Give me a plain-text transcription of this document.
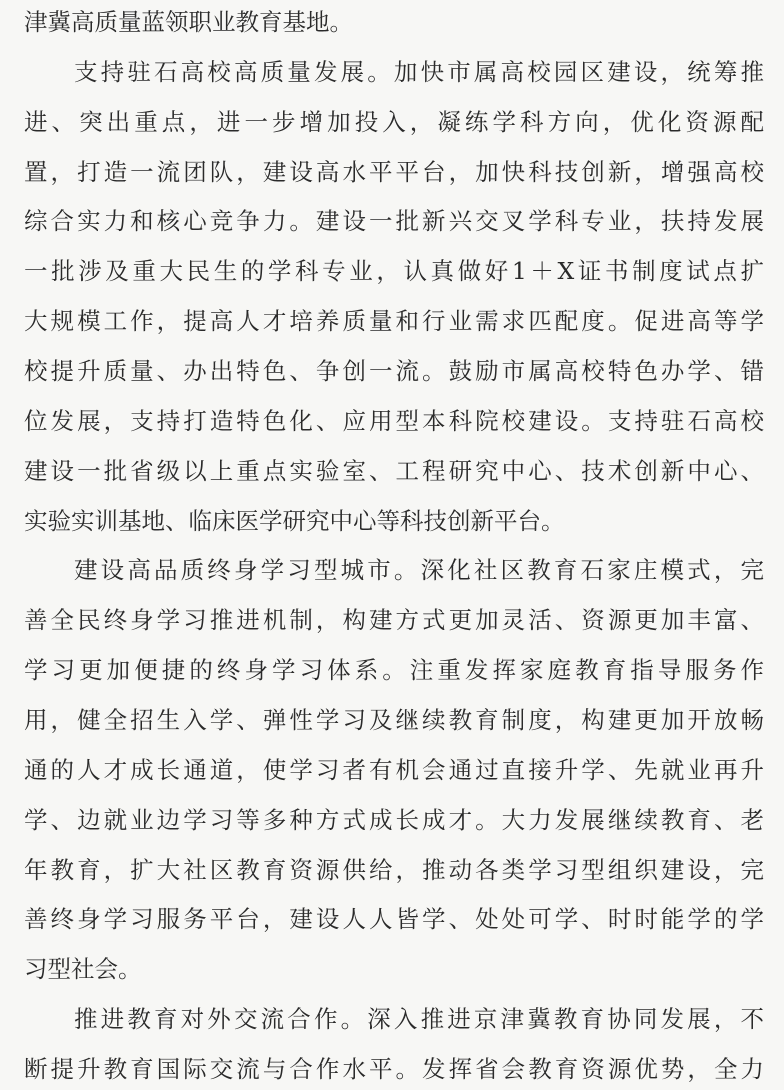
津冀高质量蓝领职业教育基地。
支持驻石高校高质量发展。加快市属高校园区建设，统筹推
进、突出重点，进一步增加投入，凝练学科方向，优化资源配
置，打造一流团队，建设高水平平台，加快科技创新，增强高校
综合实力和核心竞争力。建设一批新兴交叉学科专业，扶持发展
一批涉及重大民生的学科专业，认真做好1＋X证书制度试点扩
大规模工作，提高人才培养质量和行业需求匹配度。促进高等学
校提升质量、办出特色、争创一流。鼓励市属高校特色办学、错
位发展，支持打造特色化、应用型本科院校建设。支持驻石高校
建设一批省级以上重点实验室、工程研究中心、技术创新中心、
实验实训基地、临床医学研究中心等科技创新平台。
建设高品质终身学习型城市。深化社区教育石家庄模式，完
善全民终身学习推进机制，构建方式更加灵活、资源更加丰富、
学习更加便捷的终身学习体系。注重发挥家庭教育指导服务作
用，健全招生入学、弹性学习及继续教育制度，构建更加开放畅
通的人才成长通道，使学习者有机会通过直接升学、先就业再升
学、边就业边学习等多种方式成长成才。大力发展继续教育、老
年教育，扩大社区教育资源供给，推动各类学习型组织建设，完
善终身学习服务平台，建设人人皆学、处处可学、时时能学的学
习型社会。
推进教育对外交流合作。深入推进京津冀教育协同发展，不
断提升教育国际交流与合作水平。发挥省会教育资源优势，全力
